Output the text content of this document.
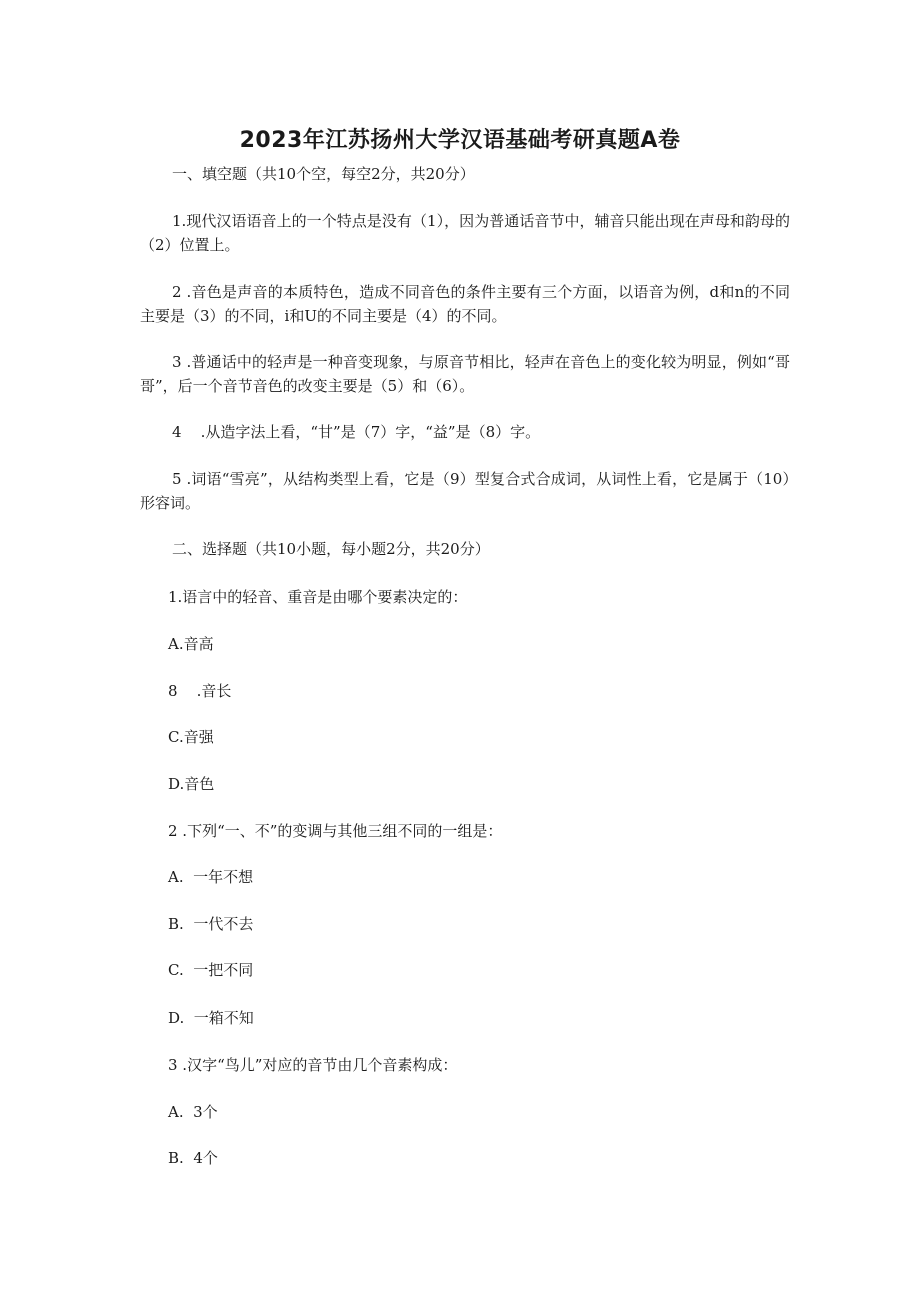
2023年江苏扬州大学汉语基础考研真题A卷
一、填空题（共10个空，每空2分，共20分）
1.现代汉语语音上的一个特点是没有（1），因为普通话音节中，辅音只能出现在声母和韵母的（2）位置上。
2 .音色是声音的本质特色，造成不同音色的条件主要有三个方面，以语音为例，d和n的不同主要是（3）的不同，i和U的不同主要是（4）的不同。
3 .普通话中的轻声是一种音变现象，与原音节相比，轻声在音色上的变化较为明显，例如“哥哥”，后一个音节音色的改变主要是（5）和（6）。
4    .从造字法上看，“甘”是（7）字，“益”是（8）字。
5 .词语“雪亮”，从结构类型上看，它是（9）型复合式合成词，从词性上看，它是属于（10）形容词。
二、选择题（共10小题，每小题2分，共20分）
1.语言中的轻音、重音是由哪个要素决定的：
A.音高
8    .音长
C.音强
D.音色
2 .下列“一、不”的变调与其他三组不同的一组是：
A.  一年不想
B.  一代不去
C.  一把不同
D.  一箱不知
3 .汉字“鸟儿”对应的音节由几个音素构成：
A.  3个
B.  4个
